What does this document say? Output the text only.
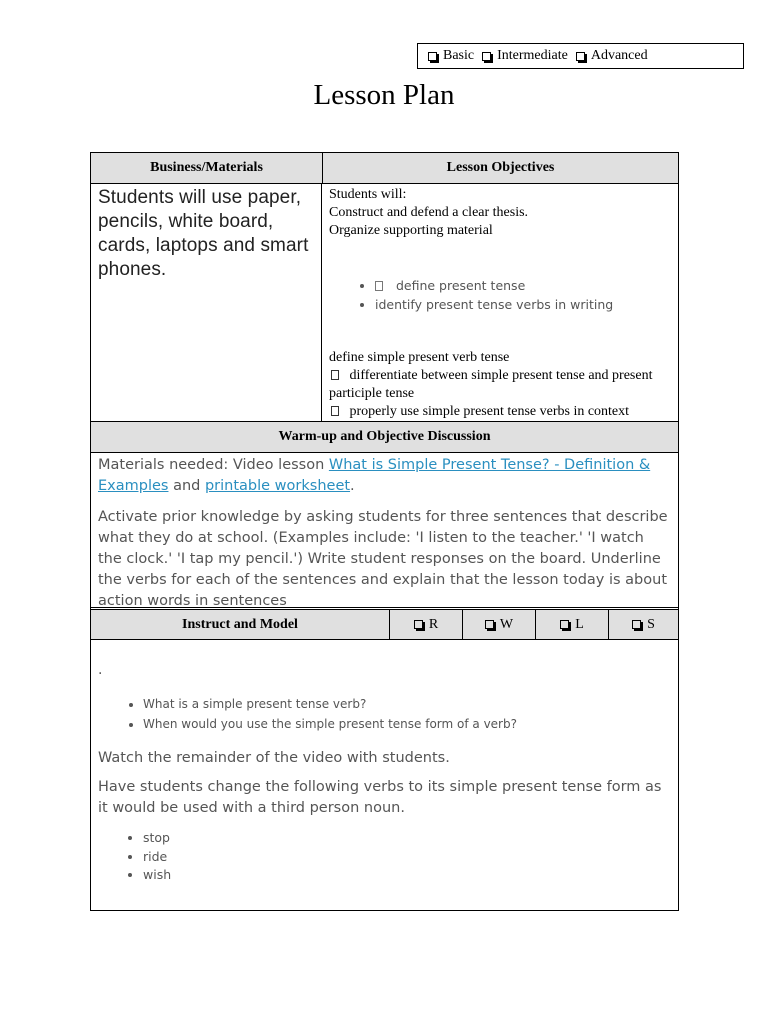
Basic Intermediate Advanced
Lesson Plan
Business/Materials	Lesson Objectives
Students will use paper, pencils, white board, cards, laptops and smart phones.
Students will:
Construct and defend a clear thesis.
Organize supporting material
• define present tense
• identify present tense verbs in writing
define simple present verb tense
differentiate between simple present tense and present participle tense
properly use simple present tense verbs in context
Warm-up and Objective Discussion

Materials needed: Video lesson What is Simple Present Tense? - Definition & Examples and printable worksheet.

Activate prior knowledge by asking students for three sentences that describe what they do at school. (Examples include: 'I listen to the teacher.' 'I watch the clock.' 'I tap my pencil.') Write student responses on the board. Underline the verbs for each of the sentences and explain that the lesson today is about action words in sentences

Instruct and Model	R	W	L	S
.
• What is a simple present tense verb?
• When would you use the simple present tense form of a verb?

Watch the remainder of the video with students.

Have students change the following verbs to its simple present tense form as it would be used with a third person noun.

• stop
• ride
• wish
